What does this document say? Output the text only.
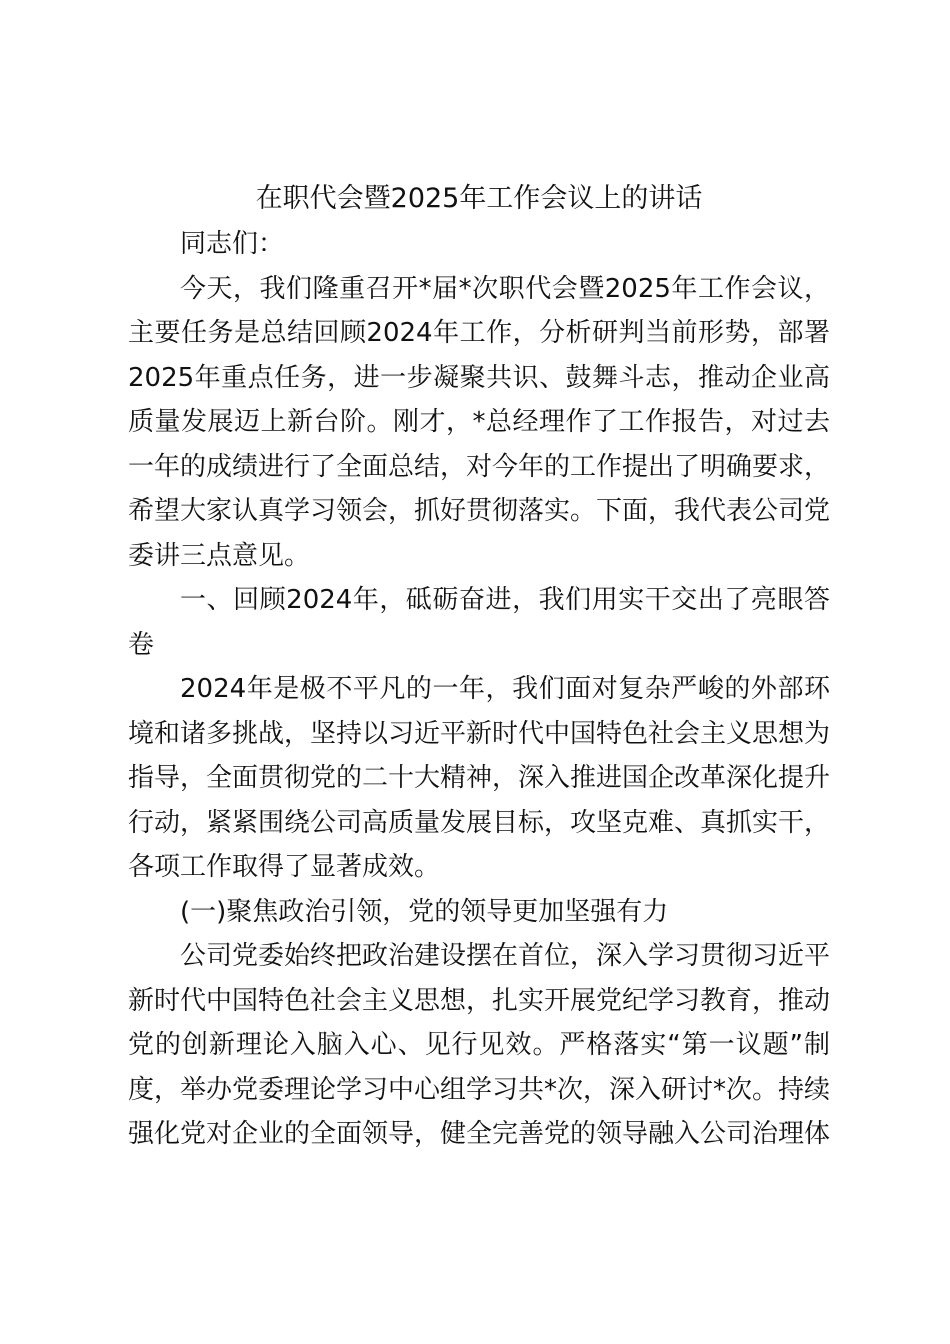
在职代会暨2025年工作会议上的讲话

同志们：

今天，我们隆重召开*届*次职代会暨2025年工作会议，主要任务是总结回顾2024年工作，分析研判当前形势，部署2025年重点任务，进一步凝聚共识、鼓舞斗志，推动企业高质量发展迈上新台阶。刚才，*总经理作了工作报告，对过去一年的成绩进行了全面总结，对今年的工作提出了明确要求，希望大家认真学习领会，抓好贯彻落实。下面，我代表公司党委讲三点意见。

一、回顾2024年，砥砺奋进，我们用实干交出了亮眼答卷

2024年是极不平凡的一年，我们面对复杂严峻的外部环境和诸多挑战，坚持以习近平新时代中国特色社会主义思想为指导，全面贯彻党的二十大精神，深入推进国企改革深化提升行动，紧紧围绕公司高质量发展目标，攻坚克难、真抓实干，各项工作取得了显著成效。

(一)聚焦政治引领，党的领导更加坚强有力

公司党委始终把政治建设摆在首位，深入学习贯彻习近平新时代中国特色社会主义思想，扎实开展党纪学习教育，推动党的创新理论入脑入心、见行见效。严格落实“第一议题”制度，举办党委理论学习中心组学习共*次，深入研讨*次。持续强化党对企业的全面领导，健全完善党的领导融入公司治理体
